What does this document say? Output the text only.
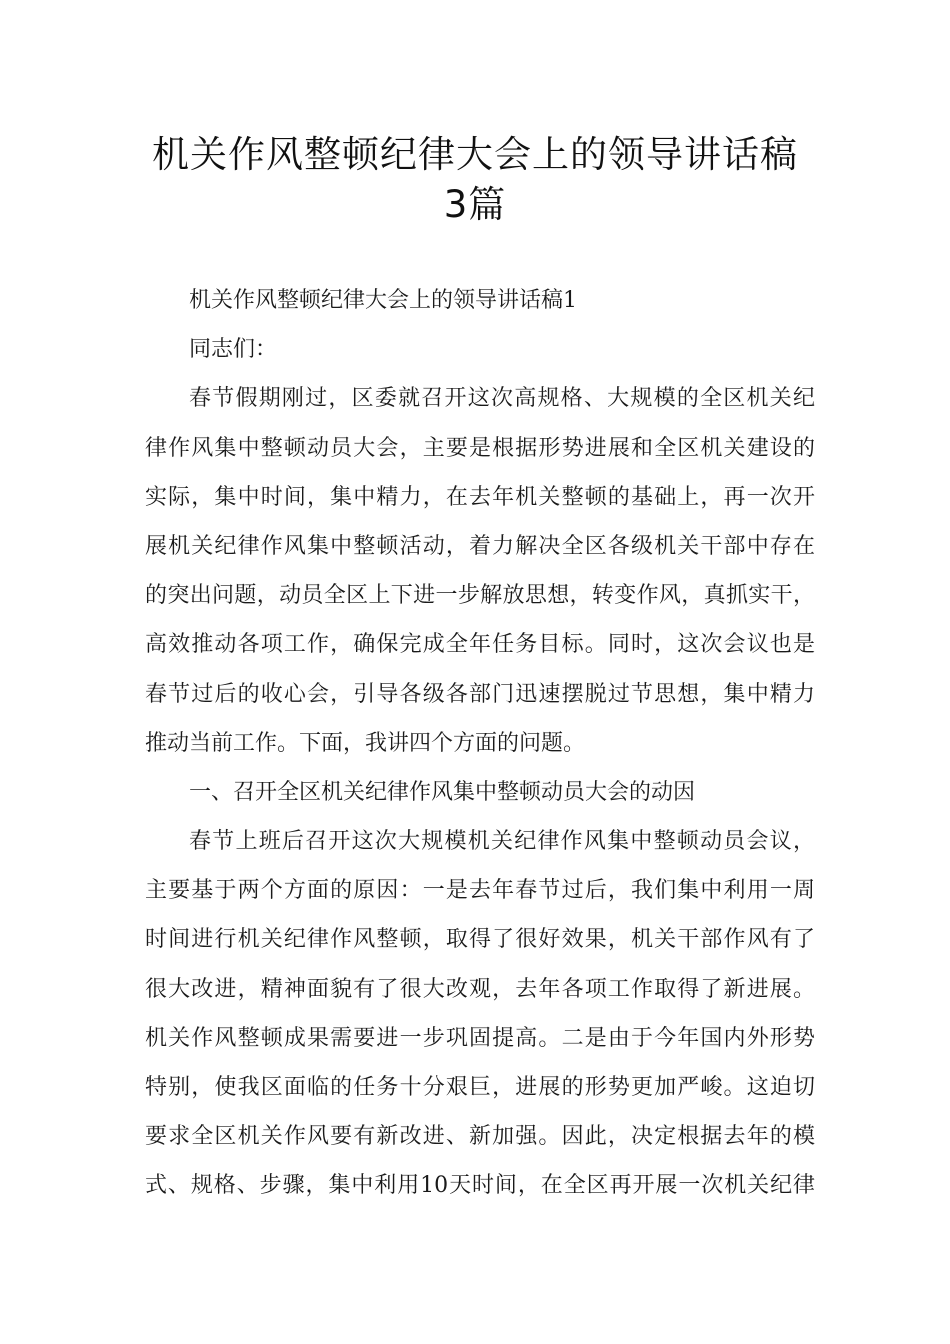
机关作风整顿纪律大会上的领导讲话稿
3篇
机关作风整顿纪律大会上的领导讲话稿1
同志们：
春节假期刚过，区委就召开这次高规格、大规模的全区机关纪
律作风集中整顿动员大会，主要是根据形势进展和全区机关建设的
实际，集中时间，集中精力，在去年机关整顿的基础上，再一次开
展机关纪律作风集中整顿活动，着力解决全区各级机关干部中存在
的突出问题，动员全区上下进一步解放思想，转变作风，真抓实干，
高效推动各项工作，确保完成全年任务目标。同时，这次会议也是
春节过后的收心会，引导各级各部门迅速摆脱过节思想，集中精力
推动当前工作。下面，我讲四个方面的问题。
一、召开全区机关纪律作风集中整顿动员大会的动因
春节上班后召开这次大规模机关纪律作风集中整顿动员会议，
主要基于两个方面的原因：一是去年春节过后，我们集中利用一周
时间进行机关纪律作风整顿，取得了很好效果，机关干部作风有了
很大改进，精神面貌有了很大改观，去年各项工作取得了新进展。
机关作风整顿成果需要进一步巩固提高。二是由于今年国内外形势
特别，使我区面临的任务十分艰巨，进展的形势更加严峻。这迫切
要求全区机关作风要有新改进、新加强。因此，决定根据去年的模
式、规格、步骤，集中利用10天时间，在全区再开展一次机关纪律
